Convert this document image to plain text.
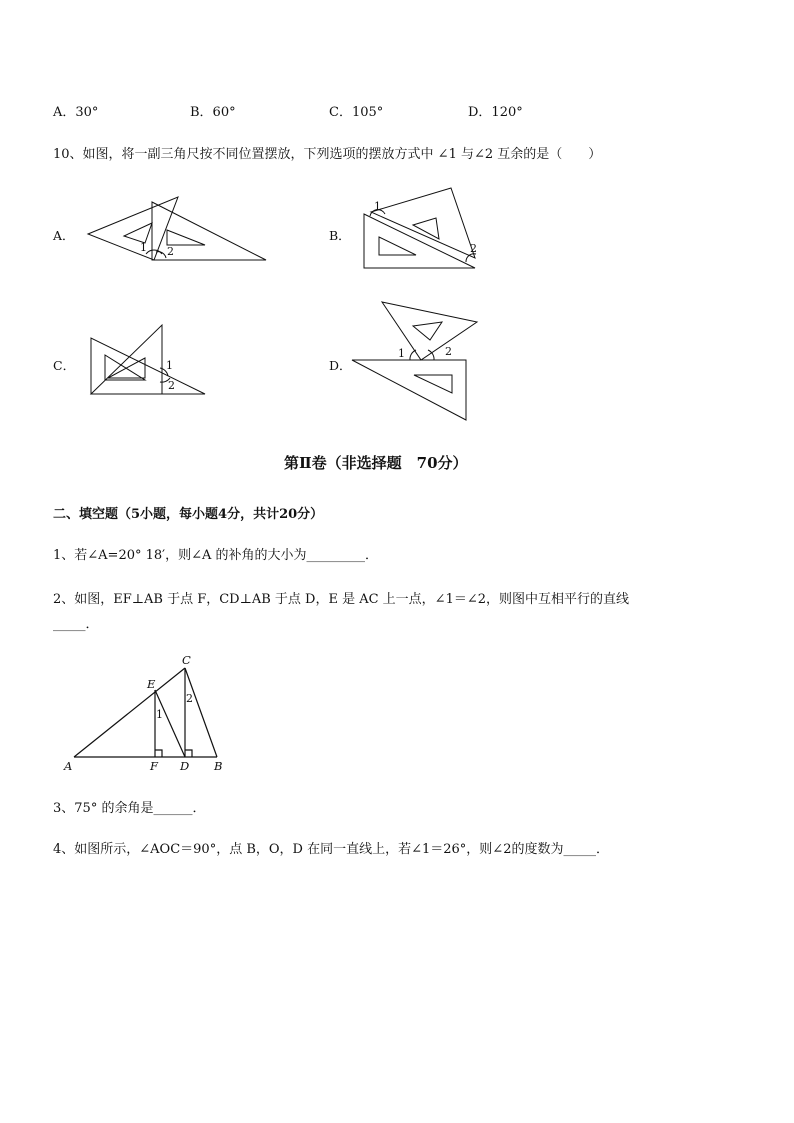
A．30°	B．60°	C．105°	D．120°
10、如图，将一副三角尺按不同位置摆放，下列选项的摆放方式中 ∠1 与∠2 互余的是（　　）
A．	B．
C．	D．
1 2
1
2
1
2
1	2
第Ⅱ卷（非选择题　70分）
二、填空题（5小题，每小题4分，共计20分）
1、若∠A=20° 18′，则∠A 的补角的大小为_________．
2、如图，EF⊥AB 于点 F，CD⊥AB 于点 D，E 是 AC 上一点，∠1＝∠2，则图中互相平行的直线
_____．
A	F D B
C
E
1
2
3、75° 的余角是______．
4、如图所示，∠AOC＝90°，点 B，O，D 在同一直线上，若∠1＝26°，则∠2的度数为_____．
